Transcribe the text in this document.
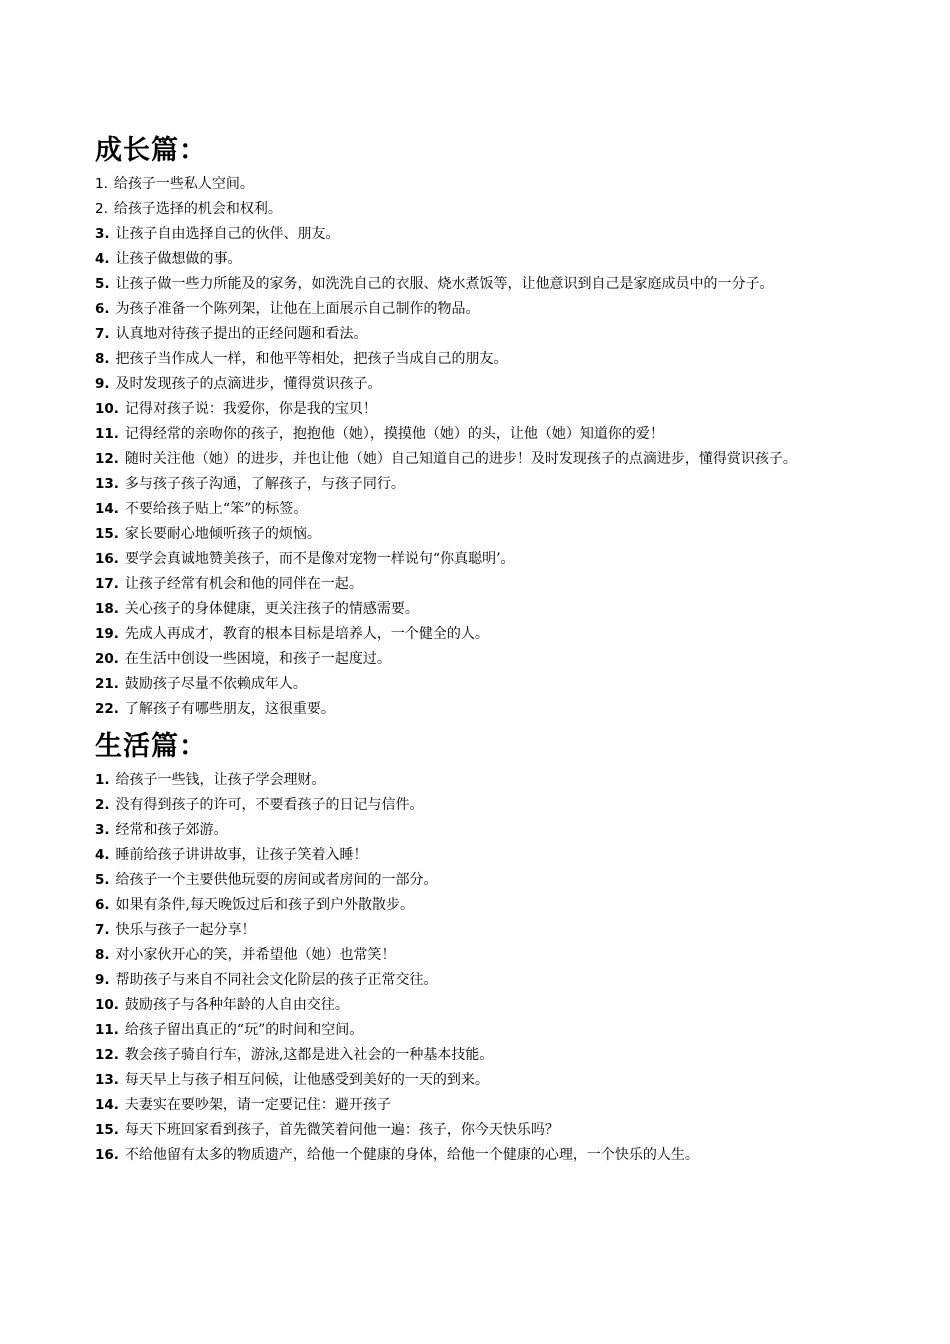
成长篇：
1. 给孩子一些私人空间。
2. 给孩子选择的机会和权利。
3. 让孩子自由选择自己的伙伴、朋友。
4. 让孩子做想做的事。
5. 让孩子做一些力所能及的家务，如洗洗自己的衣服、烧水煮饭等，让他意识到自己是家庭成员中的一分子。
6. 为孩子准备一个陈列架，让他在上面展示自己制作的物品。
7. 认真地对待孩子提出的正经问题和看法。
8. 把孩子当作成人一样，和他平等相处，把孩子当成自己的朋友。
9. 及时发现孩子的点滴进步，懂得赏识孩子。
10. 记得对孩子说：我爱你，你是我的宝贝！
11. 记得经常的亲吻你的孩子，抱抱他（她），摸摸他（她）的头，让他（她）知道你的爱！
12. 随时关注他（她）的进步，并也让他（她）自己知道自己的进步！及时发现孩子的点滴进步，懂得赏识孩子。
13. 多与孩子孩子沟通，了解孩子，与孩子同行。
14. 不要给孩子贴上“笨”的标签。
15. 家长要耐心地倾听孩子的烦恼。
16. 要学会真诚地赞美孩子，而不是像对宠物一样说句“你真聪明’。
17. 让孩子经常有机会和他的同伴在一起。
18. 关心孩子的身体健康，更关注孩子的情感需要。
19. 先成人再成才，教育的根本目标是培养人，一个健全的人。
20. 在生活中创设一些困境，和孩子一起度过。
21. 鼓励孩子尽量不依赖成年人。
22. 了解孩子有哪些朋友，这很重要。
生活篇：
1. 给孩子一些钱，让孩子学会理财。
2. 没有得到孩子的许可，不要看孩子的日记与信件。
3. 经常和孩子郊游。
4. 睡前给孩子讲讲故事，让孩子笑着入睡！
5. 给孩子一个主要供他玩耍的房间或者房间的一部分。
6. 如果有条件,每天晚饭过后和孩子到户外散散步。
7. 快乐与孩子一起分享！
8. 对小家伙开心的笑，并希望他（她）也常笑！
9. 帮助孩子与来自不同社会文化阶层的孩子正常交往。
10. 鼓励孩子与各种年龄的人自由交往。
11. 给孩子留出真正的“玩”的时间和空间。
12. 教会孩子骑自行车，游泳,这都是进入社会的一种基本技能。
13. 每天早上与孩子相互问候，让他感受到美好的一天的到来。
14. 夫妻实在要吵架，请一定要记住：避开孩子
15. 每天下班回家看到孩子，首先微笑着问他一遍：孩子，你今天快乐吗？
16. 不给他留有太多的物质遗产，给他一个健康的身体，给他一个健康的心理，一个快乐的人生。
